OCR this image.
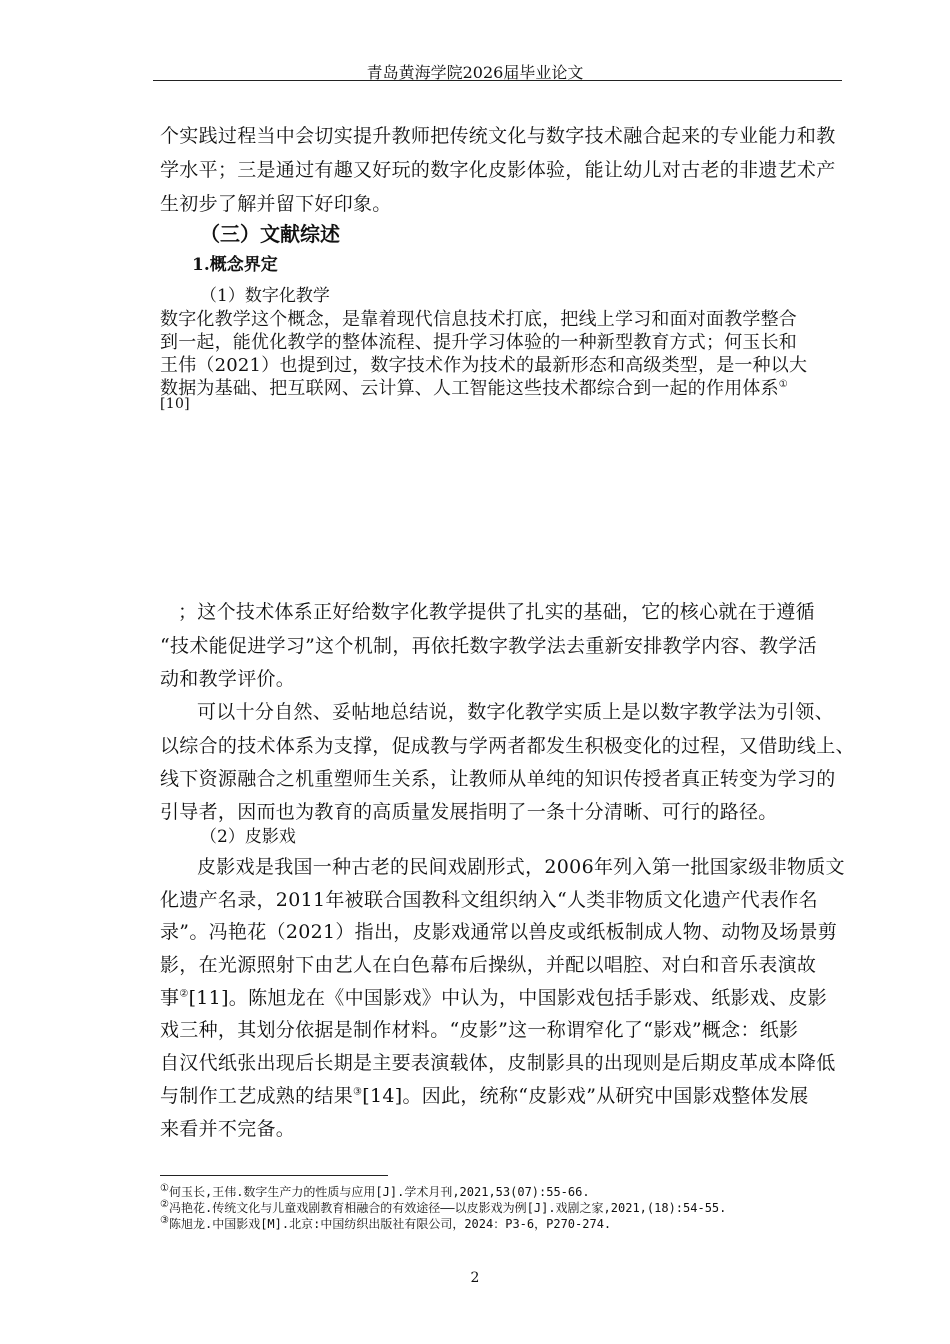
青岛黄海学院2026届毕业论文
个实践过程当中会切实提升教师把传统文化与数字技术融合起来的专业能力和教
学水平；三是通过有趣又好玩的数字化皮影体验，能让幼儿对古老的非遗艺术产
生初步了解并留下好印象。
（三）文献综述
1.概念界定
（1）数字化教学
数字化教学这个概念，是靠着现代信息技术打底，把线上学习和面对面教学整合
到一起，能优化教学的整体流程、提升学习体验的一种新型教育方式；何玉长和
王伟（2021）也提到过，数字技术作为技术的最新形态和高级类型，是一种以大
数据为基础、把互联网、云计算、人工智能这些技术都综合到一起的作用体系①
[10]
；这个技术体系正好给数字化教学提供了扎实的基础，它的核心就在于遵循
“技术能促进学习”这个机制，再依托数字教学法去重新安排教学内容、教学活
动和教学评价。
可以十分自然、妥帖地总结说，数字化教学实质上是以数字教学法为引领、
以综合的技术体系为支撑，促成教与学两者都发生积极变化的过程，又借助线上、
线下资源融合之机重塑师生关系，让教师从单纯的知识传授者真正转变为学习的
引导者，因而也为教育的高质量发展指明了一条十分清晰、可行的路径。
（2）皮影戏
皮影戏是我国一种古老的民间戏剧形式，2006年列入第一批国家级非物质文
化遗产名录，2011年被联合国教科文组织纳入“人类非物质文化遗产代表作名
录”。冯艳花（2021）指出，皮影戏通常以兽皮或纸板制成人物、动物及场景剪
影，在光源照射下由艺人在白色幕布后操纵，并配以唱腔、对白和音乐表演故
事②[11]。陈旭龙在《中国影戏》中认为，中国影戏包括手影戏、纸影戏、皮影
戏三种，其划分依据是制作材料。“皮影”这一称谓窄化了“影戏”概念：纸影
自汉代纸张出现后长期是主要表演载体，皮制影具的出现则是后期皮革成本降低
与制作工艺成熟的结果③[14]。因此，统称“皮影戏”从研究中国影戏整体发展
来看并不完备。
①何玉长,王伟.数字生产力的性质与应用[J].学术月刊,2021,53(07):55-66.
②冯艳花.传统文化与儿童戏剧教育相融合的有效途径——以皮影戏为例[J].戏剧之家,2021,(18):54-55.
③陈旭龙.中国影戏[M].北京:中国纺织出版社有限公司，2024：P3-6，P270-274.
2
